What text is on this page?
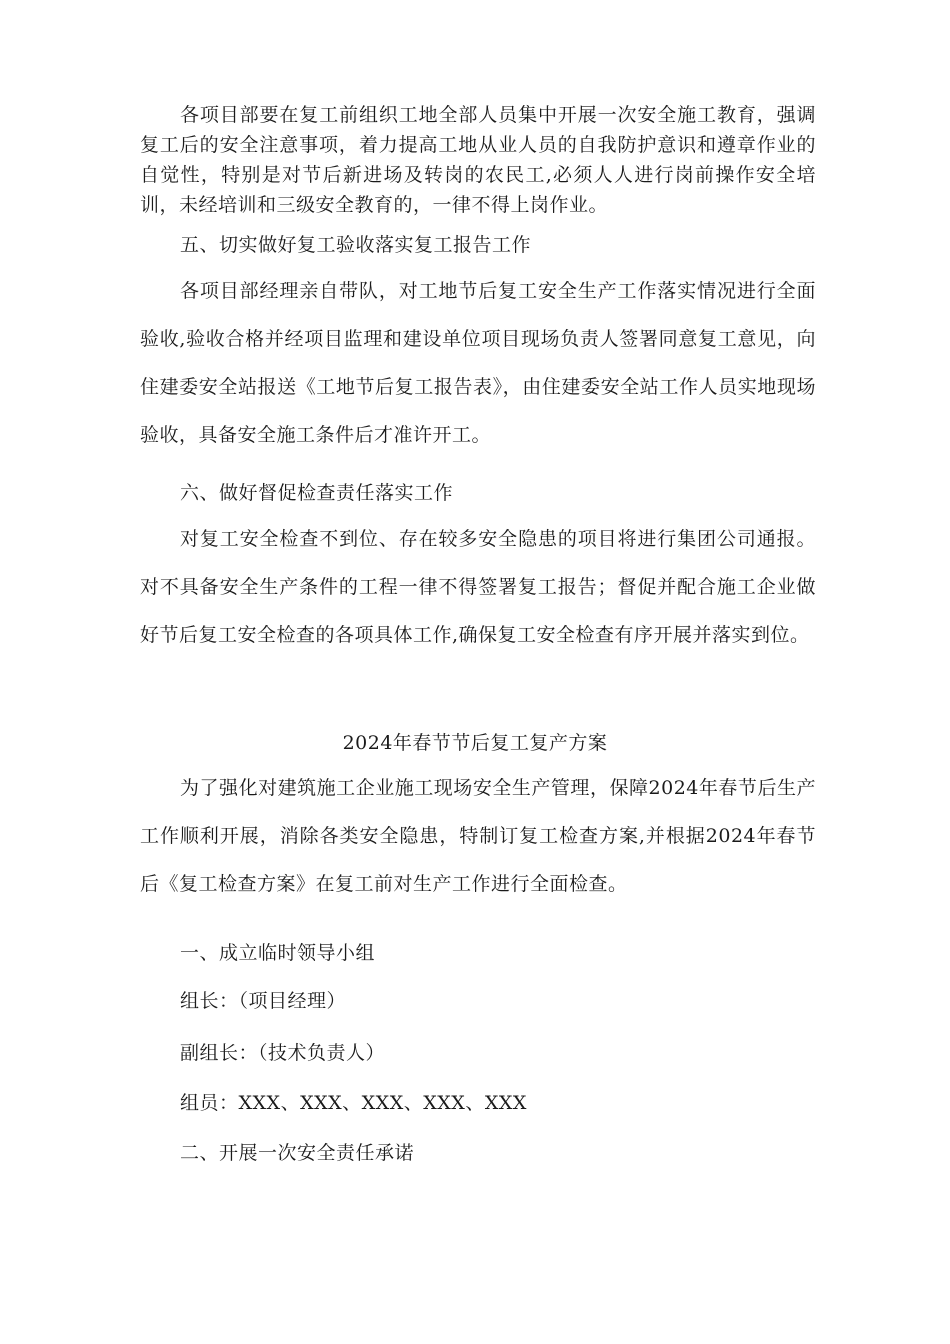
各项目部要在复工前组织工地全部人员集中开展一次安全施工教育，强调复工后的安全注意事项，着力提高工地从业人员的自我防护意识和遵章作业的自觉性，特别是对节后新进场及转岗的农民工,必须人人进行岗前操作安全培训，未经培训和三级安全教育的，一律不得上岗作业。

五、切实做好复工验收落实复工报告工作

各项目部经理亲自带队，对工地节后复工安全生产工作落实情况进行全面验收,验收合格并经项目监理和建设单位项目现场负责人签署同意复工意见，向住建委安全站报送《工地节后复工报告表》，由住建委安全站工作人员实地现场验收，具备安全施工条件后才准许开工。

六、做好督促检查责任落实工作

对复工安全检查不到位、存在较多安全隐患的项目将进行集团公司通报。对不具备安全生产条件的工程一律不得签署复工报告；督促并配合施工企业做好节后复工安全检查的各项具体工作,确保复工安全检查有序开展并落实到位。

2024年春节节后复工复产方案

为了强化对建筑施工企业施工现场安全生产管理，保障2024年春节后生产工作顺利开展，消除各类安全隐患，特制订复工检查方案,并根据2024年春节后《复工检查方案》在复工前对生产工作进行全面检查。

一、成立临时领导小组

组长：（项目经理）

副组长：（技术负责人）

组员：XXX、XXX、XXX、XXX、XXX

二、开展一次安全责任承诺
